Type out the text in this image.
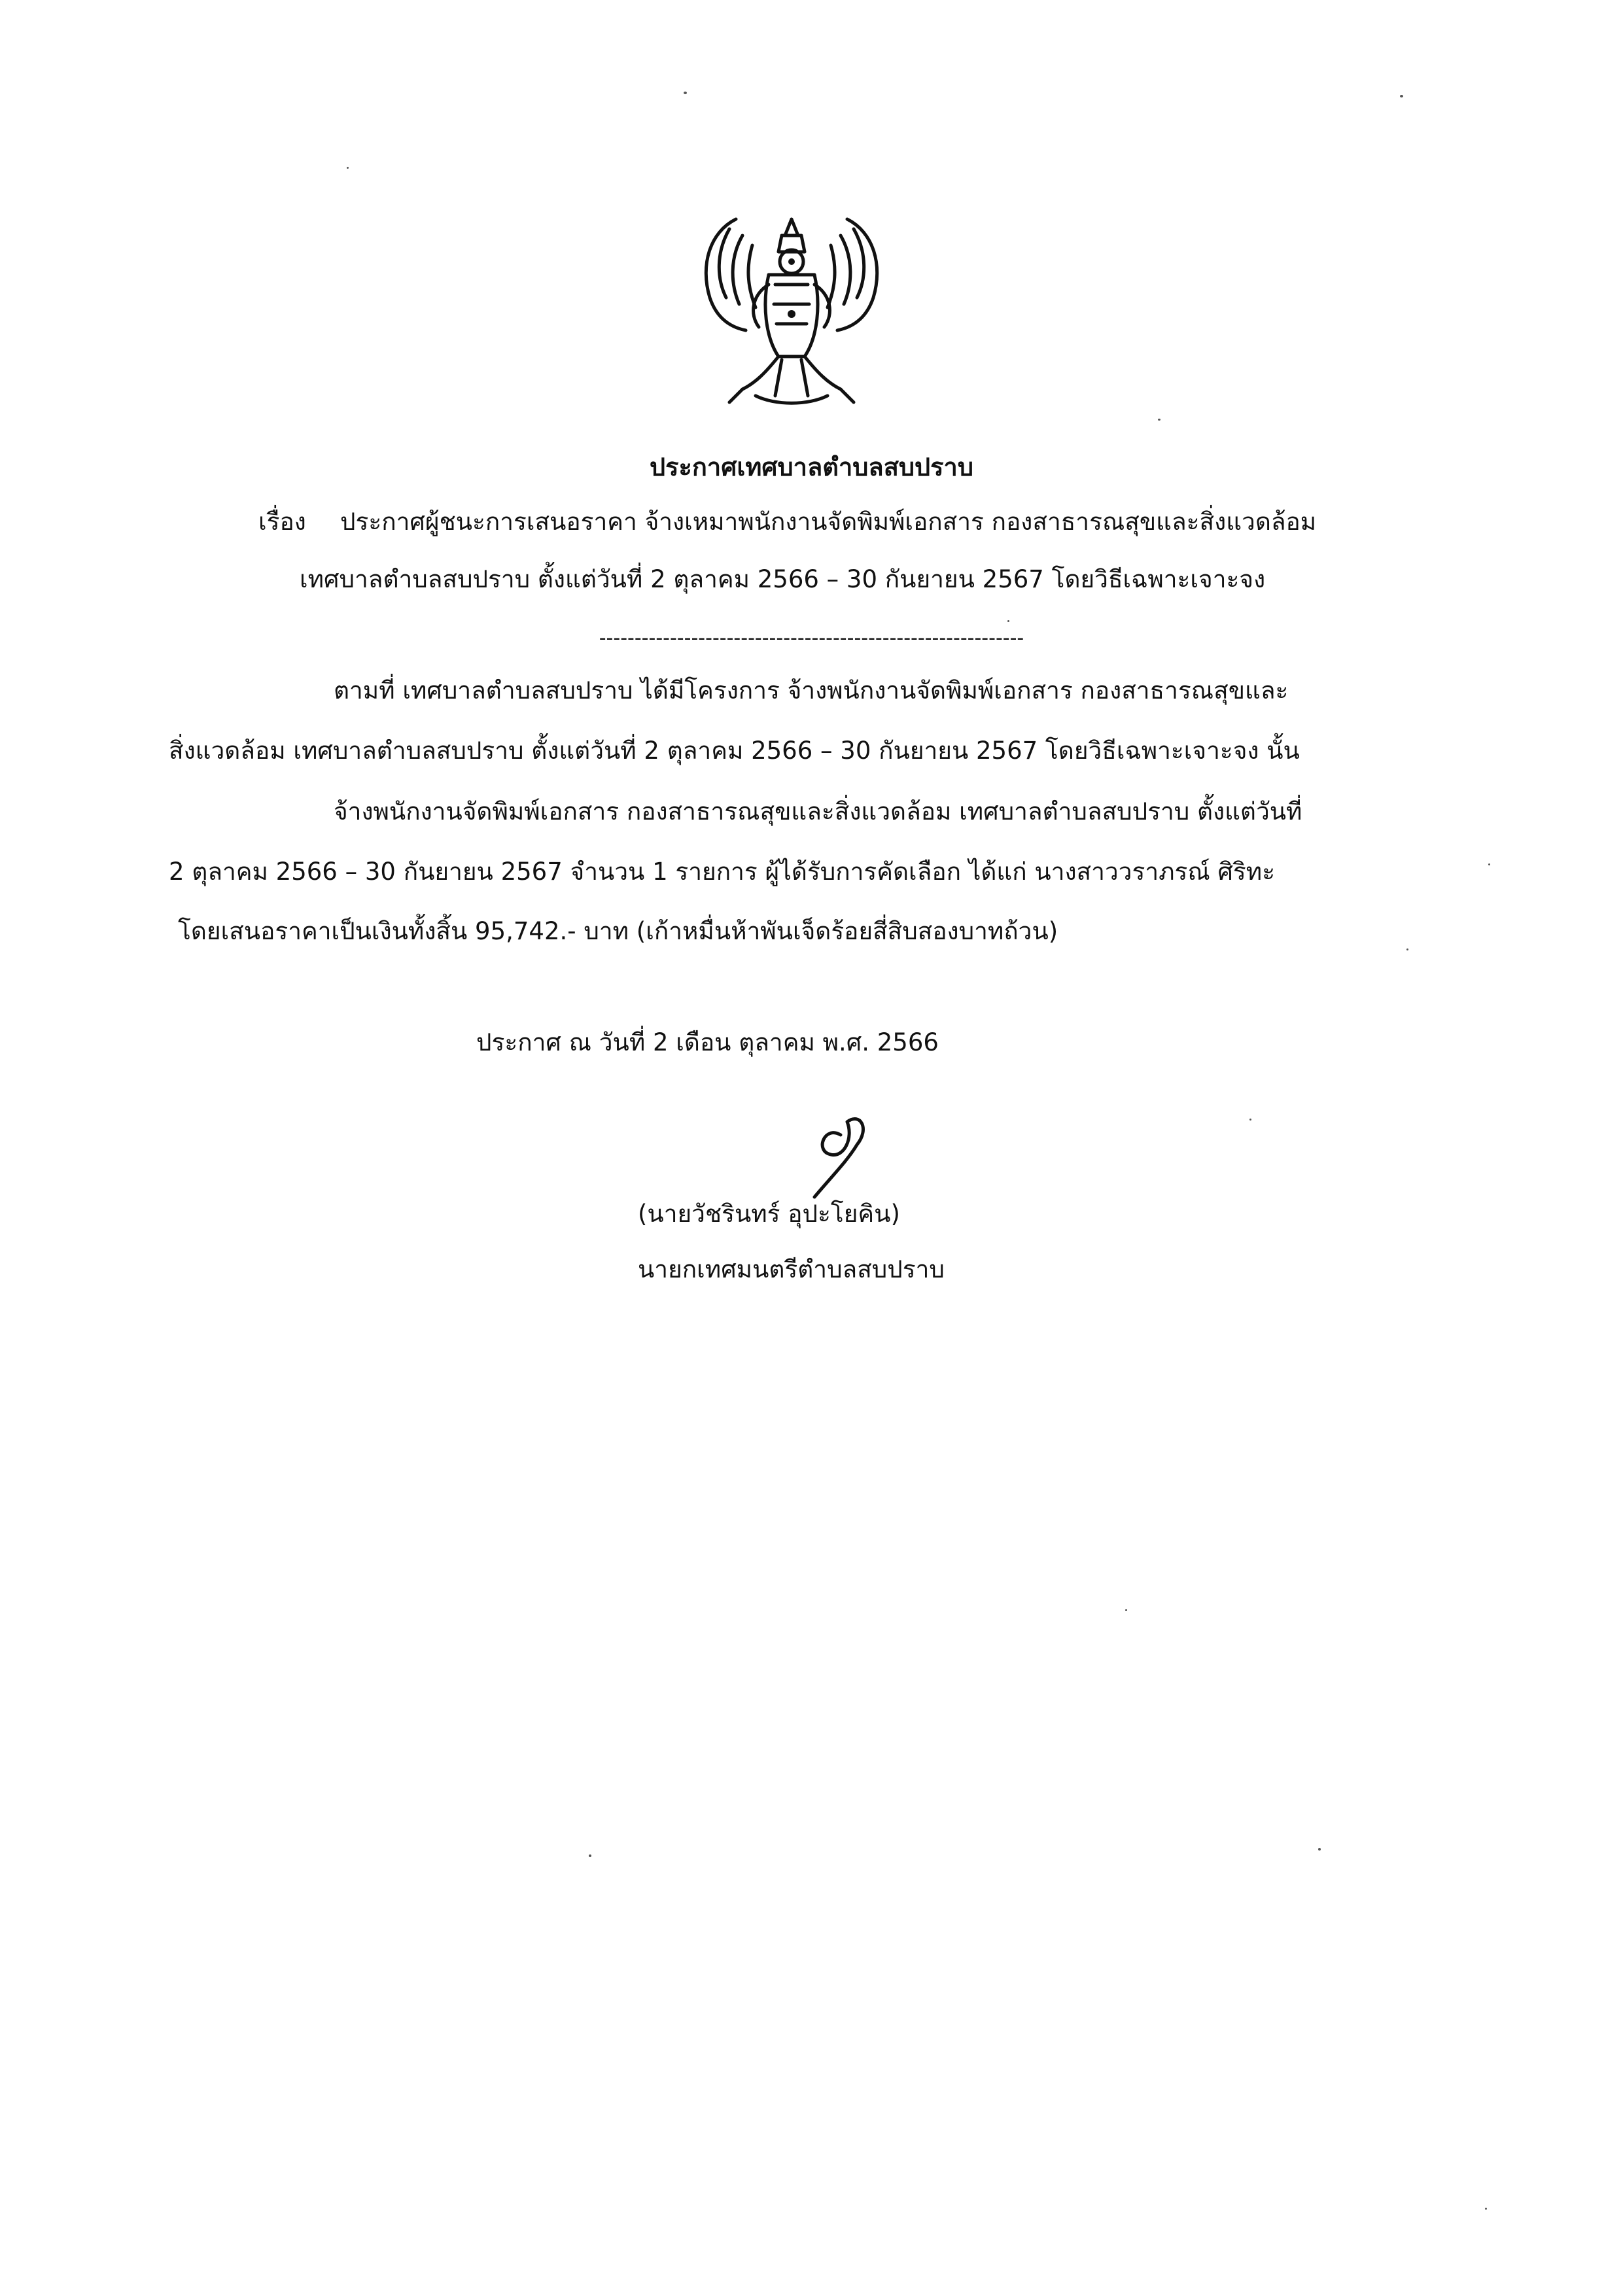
ประกาศเทศบาลตำบลสบปราบ
เรื่อง ประกาศผู้ชนะการเสนอราคา จ้างเหมาพนักงานจัดพิมพ์เอกสาร กองสาธารณสุขและสิ่งแวดล้อม
เทศบาลตำบลสบปราบ ตั้งแต่วันที่ 2 ตุลาคม 2566 – 30 กันยายน 2567 โดยวิธีเฉพาะเจาะจง
------------------------------------------------------------
ตามที่ เทศบาลตำบลสบปราบ ได้มีโครงการ จ้างพนักงานจัดพิมพ์เอกสาร กองสาธารณสุขและ
สิ่งแวดล้อม เทศบาลตำบลสบปราบ ตั้งแต่วันที่ 2 ตุลาคม 2566 – 30 กันยายน 2567 โดยวิธีเฉพาะเจาะจง นั้น
จ้างพนักงานจัดพิมพ์เอกสาร กองสาธารณสุขและสิ่งแวดล้อม เทศบาลตำบลสบปราบ ตั้งแต่วันที่
2 ตุลาคม 2566 – 30 กันยายน 2567 จำนวน 1 รายการ ผู้ได้รับการคัดเลือก ได้แก่ นางสาววราภรณ์ ศิริทะ
โดยเสนอราคาเป็นเงินทั้งสิ้น 95,742.- บาท (เก้าหมื่นห้าพันเจ็ดร้อยสี่สิบสองบาทถ้วน)
ประกาศ ณ วันที่ 2 เดือน ตุลาคม พ.ศ. 2566
(นายวัชรินทร์ อุปะโยคิน)
นายกเทศมนตรีตำบลสบปราบ
